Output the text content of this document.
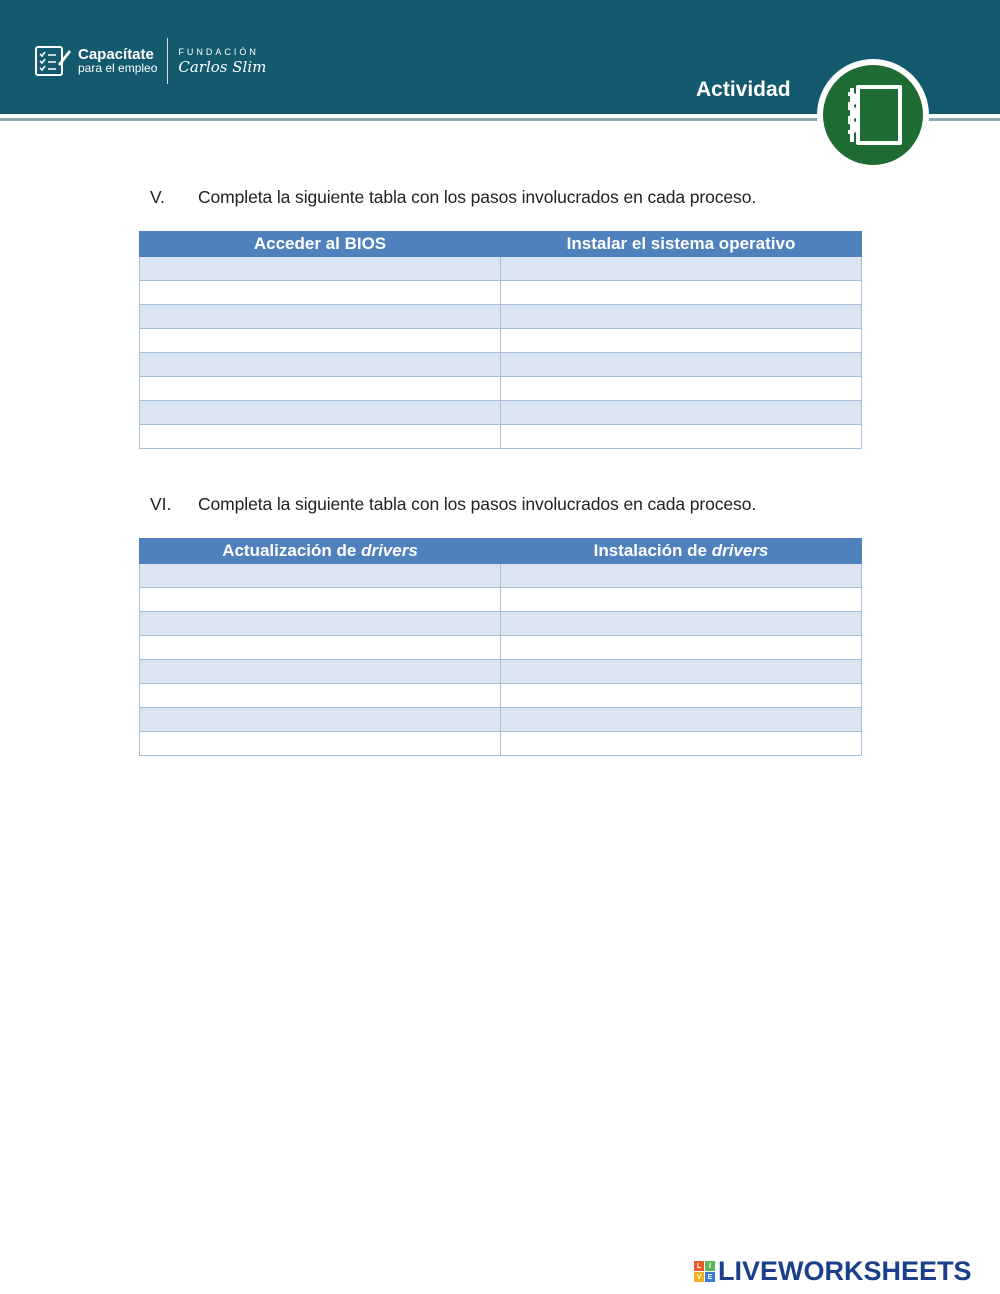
Capacítate
para el empleo
FUNDACIÓN
Carlos Slim
Actividad
V. Completa la siguiente tabla con los pasos involucrados en cada proceso.
Acceder al BIOS	Instalar el sistema operativo

VI. Completa la siguiente tabla con los pasos involucrados en cada proceso.
Actualización de drivers	Instalación de drivers

L	I
V E LIVEWORKSHEETS
